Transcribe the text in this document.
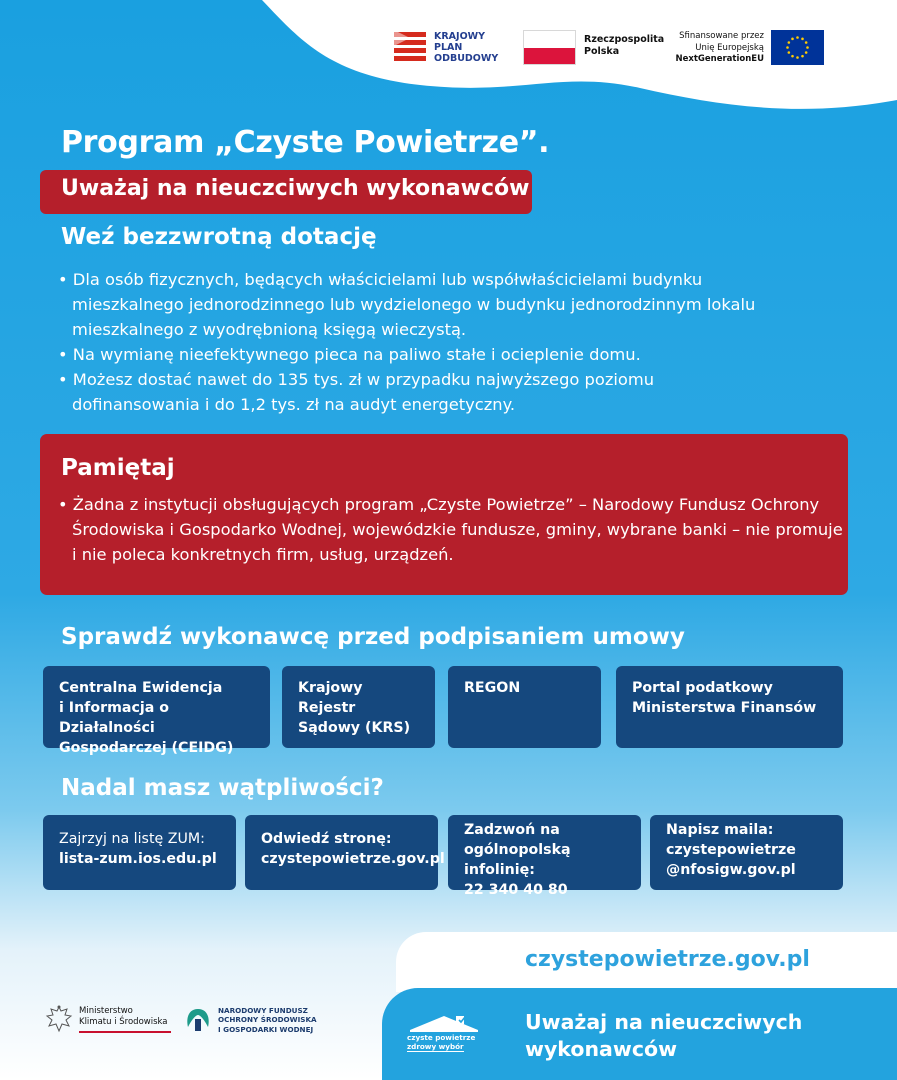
KRAJOWY
PLAN
ODBUDOWY
Rzeczpospolita
Polska
Sfinansowane przez
Unię Europejską
NextGenerationEU
Program „Czyste Powietrze”.
Uważaj na nieuczciwych wykonawców
Weź bezzwrotną dotację
• Dla osób fizycznych, będących właścicielami lub współwłaścicielami budynku mieszkalnego jednorodzinnego lub wydzielonego w budynku jednorodzinnym lokalu mieszkalnego z wyodrębnioną księgą wieczystą.
• Na wymianę nieefektywnego pieca na paliwo stałe i ocieplenie domu.
• Możesz dostać nawet do 135 tys. zł w przypadku najwyższego poziomu dofinansowania i do 1,2 tys. zł na audyt energetyczny.
Pamiętaj
• Żadna z instytucji obsługujących program „Czyste Powietrze” – Narodowy Fundusz Ochrony Środowiska i Gospodarko Wodnej, wojewódzkie fundusze, gminy, wybrane banki – nie promuje i nie poleca konkretnych firm, usług, urządzeń.
Sprawdź wykonawcę przed podpisaniem umowy
Centralna Ewidencja
i Informacja o Działalności
Gospodarczej (CEIDG)
Krajowy Rejestr
Sądowy (KRS)
REGON	Portal podatkowy
Ministerstwa Finansów
Nadal masz wątpliwości?
Zajrzyj na listę ZUM:
lista-zum.ios.edu.pl
Odwiedź stronę:
czystepowietrze.gov.pl
Zadzwoń na
ogólnopolską infolinię:
22 340 40 80
Napisz maila:
czystepowietrze
@nfosigw.gov.pl
czystepowietrze.gov.pl
Uważaj na nieuczciwych
wykonawców
czyste powietrze
zdrowy wybór
Ministerstwo
Klimatu i Środowiska
NARODOWY FUNDUSZ
OCHRONY ŚRODOWISKA
I GOSPODARKI WODNEJ
